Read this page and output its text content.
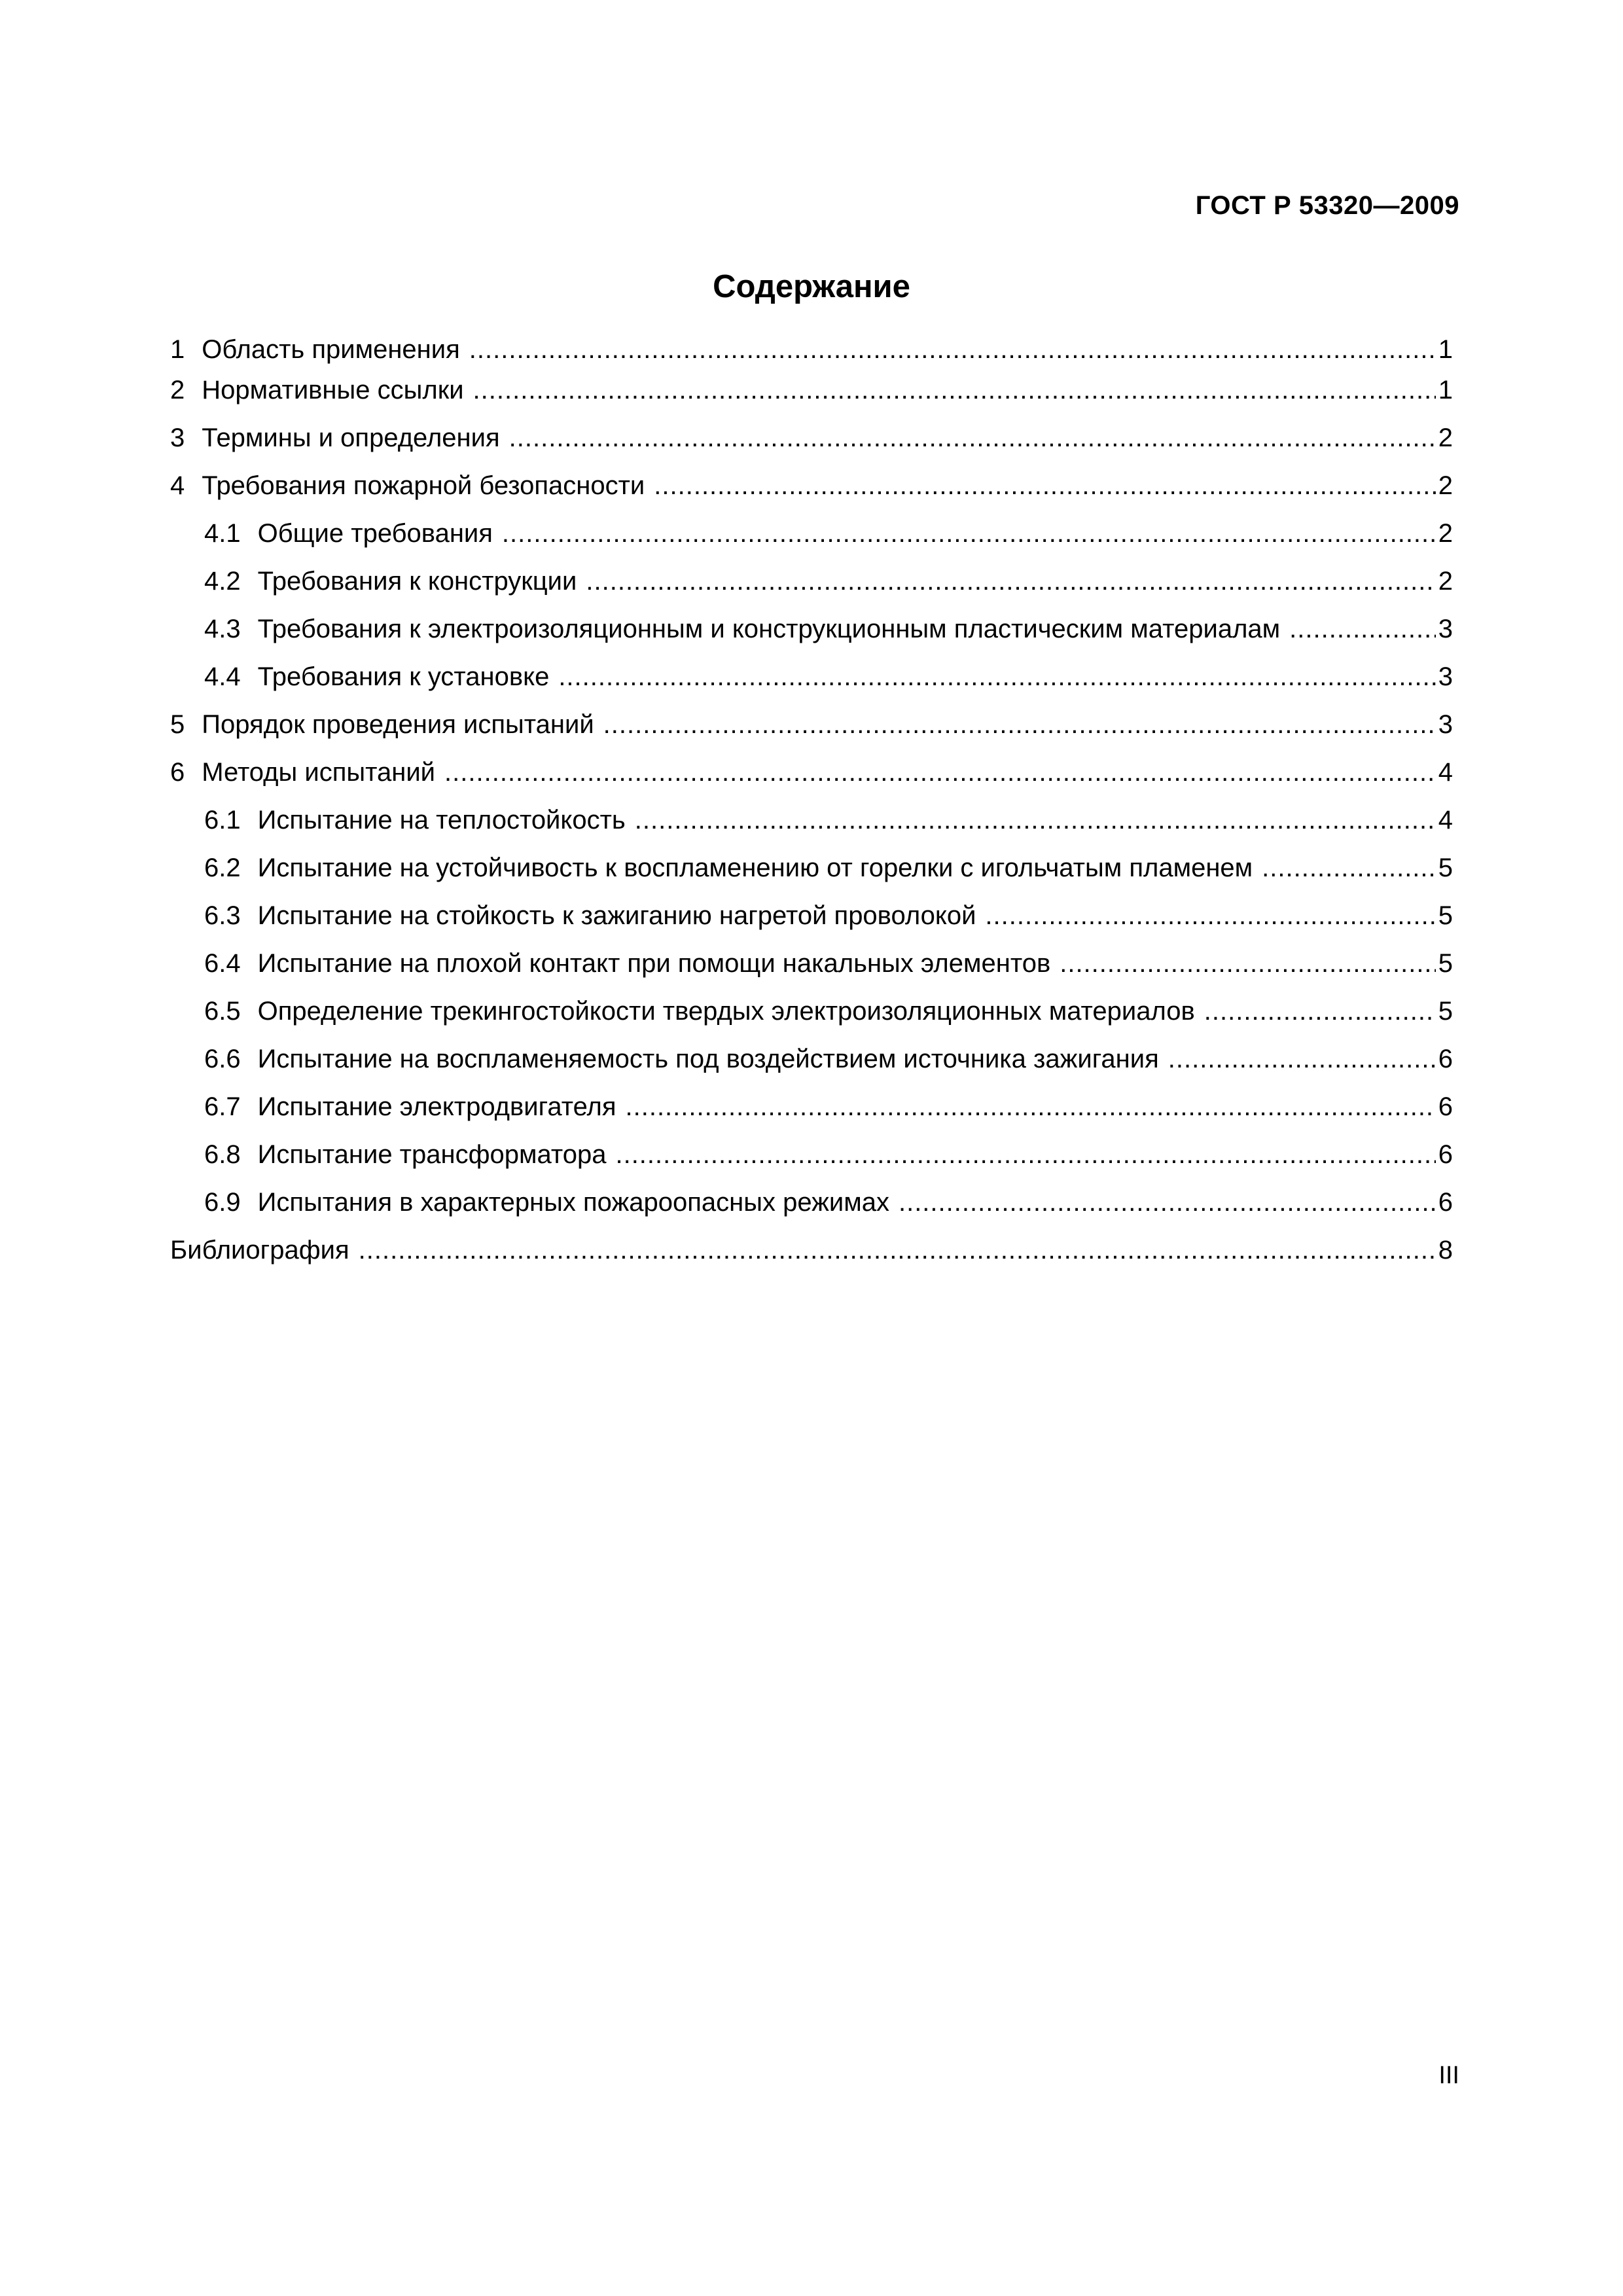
ГОСТ Р 53320—2009
Содержание
1 Область применения .....	1
2 Нормативные ссылки .....	1
3 Термины и определения .....	2
4 Требования пожарной безопасности .....	2
4.1 Общие требования .....	2
4.2 Требования к конструкции .....	2
4.3 Требования к электроизоляционным и конструкционным пластическим материалам .....	3
4.4 Требования к установке .....	3
5 Порядок проведения испытаний .....	3
6 Методы испытаний .....	4
6.1 Испытание на теплостойкость .....	4
6.2 Испытание на устойчивость к воспламенению от горелки с игольчатым пламенем .....	5
6.3 Испытание на стойкость к зажиганию нагретой проволокой .....	5
6.4 Испытание на плохой контакт при помощи накальных элементов .....	5
6.5 Определение трекингостойкости твердых электроизоляционных материалов .....	5
6.6 Испытание на воспламеняемость под воздействием источника зажигания .....	6
6.7 Испытание электродвигателя .....	6
6.8 Испытание трансформатора .....	6
6.9 Испытания в характерных пожароопасных режимах .....	6
Библиография .....	8
III
